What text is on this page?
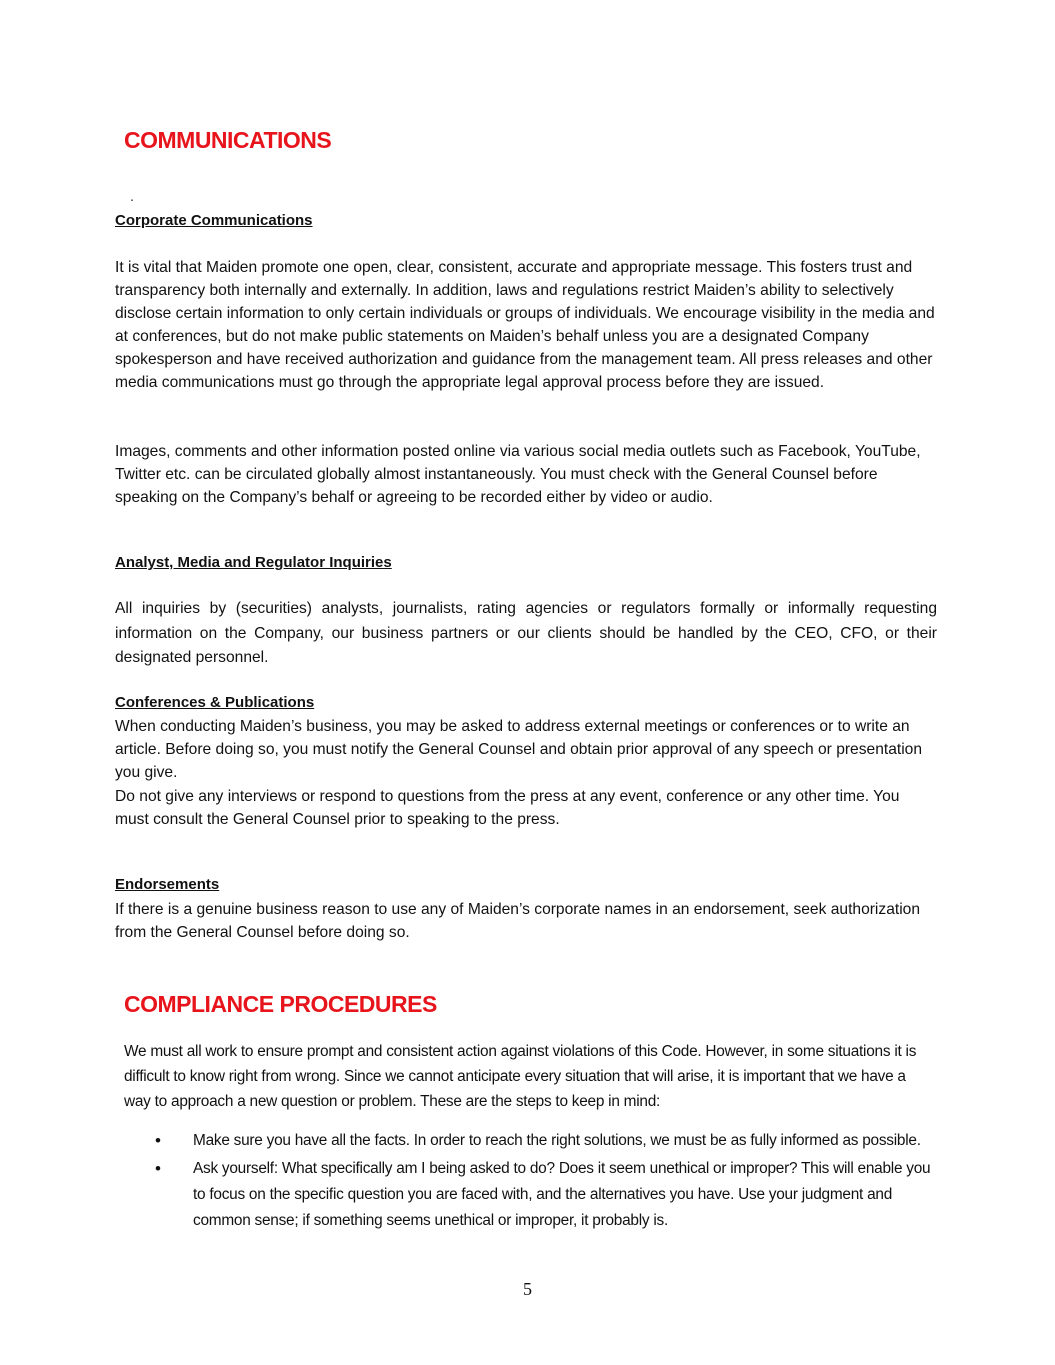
COMMUNICATIONS
.
Corporate Communications

It is vital that Maiden promote one open, clear, consistent, accurate and appropriate message. This fosters trust and transparency both internally and externally. In addition, laws and regulations restrict Maiden’s ability to selectively disclose certain information to only certain individuals or groups of individuals. We encourage visibility in the media and at conferences, but do not make public statements on Maiden’s behalf unless you are a designated Company spokesperson and have received authorization and guidance from the management team. All press releases and other media communications must go through the appropriate legal approval process before they are issued.

Images, comments and other information posted online via various social media outlets such as Facebook, YouTube, Twitter etc. can be circulated globally almost instantaneously. You must check with the General Counsel before speaking on the Company’s behalf or agreeing to be recorded either by video or audio.

Analyst, Media and Regulator Inquiries

All inquiries by (securities) analysts, journalists, rating agencies or regulators formally or informally requesting information on the Company, our business partners or our clients should be handled by the CEO, CFO, or their designated personnel.

Conferences & Publications

When conducting Maiden’s business, you may be asked to address external meetings or conferences or to write an article. Before doing so, you must notify the General Counsel and obtain prior approval of any speech or presentation you give.

Do not give any interviews or respond to questions from the press at any event, conference or any other time. You must consult the General Counsel prior to speaking to the press.

Endorsements

If there is a genuine business reason to use any of Maiden’s corporate names in an endorsement, seek authorization from the General Counsel before doing so.

COMPLIANCE PROCEDURES

We must all work to ensure prompt and consistent action against violations of this Code. However, in some situations it is difficult to know right from wrong. Since we cannot anticipate every situation that will arise, it is important that we have a way to approach a new question or problem. These are the steps to keep in mind:

• Make sure you have all the facts. In order to reach the right solutions, we must be as fully informed as possible.
• Ask yourself: What specifically am I being asked to do? Does it seem unethical or improper? This will enable you to focus on the specific question you are faced with, and the alternatives you have. Use your judgment and common sense; if something seems unethical or improper, it probably is.
5
